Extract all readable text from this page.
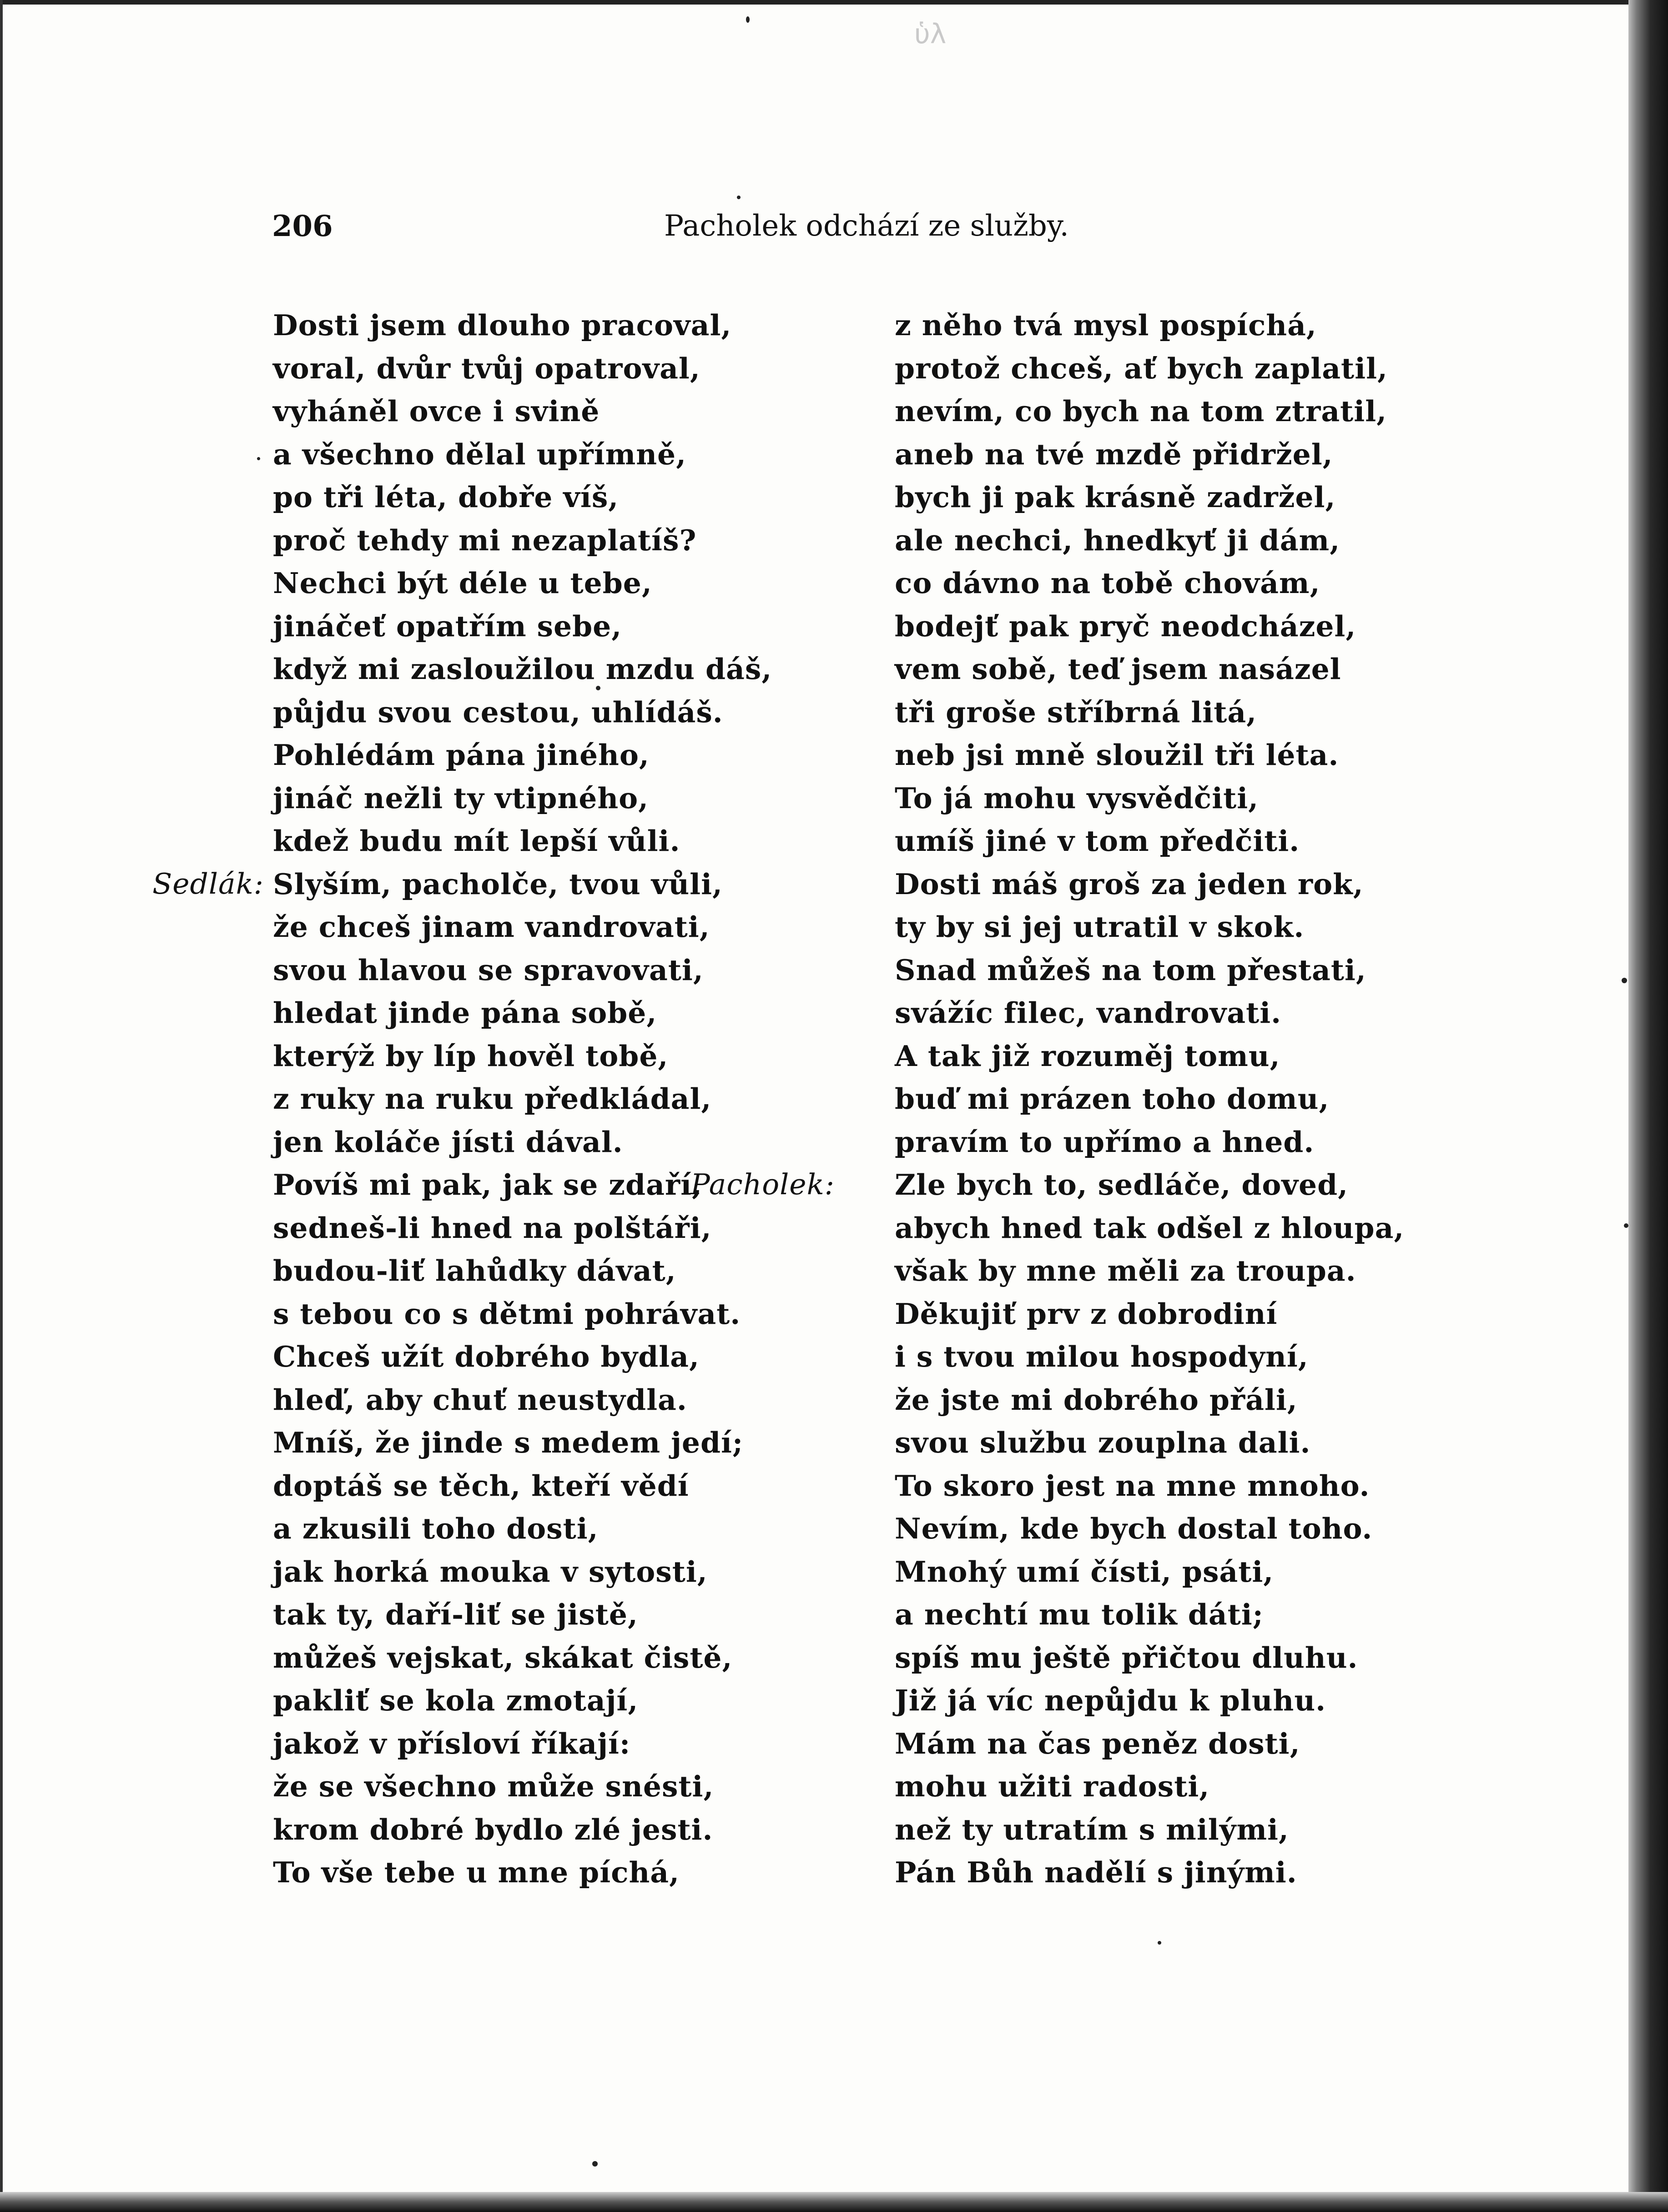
ὑλ
206	Pacholek odchází ze služby.
Dosti jsem dlouho pracoval,
voral, dvůr tvůj opatroval,
vyháněl ovce i svině
a všechno dělal upřímně,
po tři léta, dobře víš,
proč tehdy mi nezaplatíš?
Nechci být déle u tebe,
jináčeť opatřím sebe,
když mi zasloužilou mzdu dáš,
půjdu svou cestou, uhlídáš.
Pohlédám pána jiného,
jináč nežli ty vtipného,
kdež budu mít lepší vůli.
Sedlák: Slyším, pacholče, tvou vůli,
že chceš jinam vandrovati,
svou hlavou se spravovati,
hledat jinde pána sobě,
kterýž by líp hověl tobě,
z ruky na ruku předkládal,
jen koláče jísti dával.
Povíš mi pak, jak se zdaří,
sedneš-li hned na polštáři,
budou-liť lahůdky dávat,
s tebou co s dětmi pohrávat.
Chceš užít dobrého bydla,
hleď, aby chuť neustydla.
Mníš, že jinde s medem jedí;
doptáš se těch, kteří vědí
a zkusili toho dosti,
jak horká mouka v sytosti,
tak ty, daří-liť se jistě,
můžeš vejskat, skákat čistě,
pakliť se kola zmotají,
jakož v přísloví říkají:
že se všechno může snésti,
krom dobré bydlo zlé jesti.
To vše tebe u mne píchá,
z něho tvá mysl pospíchá,
protož chceš, ať bych zaplatil,
nevím, co bych na tom ztratil,
aneb na tvé mzdě přidržel,
bych ji pak krásně zadržel,
ale nechci, hnedkyť ji dám,
co dávno na tobě chovám,
bodejť pak pryč neodcházel,
vem sobě, teď jsem nasázel
tři groše stříbrná litá,
neb jsi mně sloužil tři léta.
To já mohu vysvědčiti,
umíš jiné v tom předčiti.
Dosti máš groš za jeden rok,
ty by si jej utratil v skok.
Snad můžeš na tom přestati,
svážíc filec, vandrovati.
A tak již rozuměj tomu,
buď mi prázen toho domu,
pravím to upřímo a hned.
Pacholek: Zle bych to, sedláče, doved,
abych hned tak odšel z hloupa,
však by mne měli za troupa.
Děkujiť prv z dobrodiní
i s tvou milou hospodyní,
že jste mi dobrého přáli,
svou službu zouplna dali.
To skoro jest na mne mnoho.
Nevím, kde bych dostal toho.
Mnohý umí čísti, psáti,
a nechtí mu tolik dáti;
spíš mu ještě přičtou dluhu.
Již já víc nepůjdu k pluhu.
Mám na čas peněz dosti,
mohu užiti radosti,
než ty utratím s milými,
Pán Bůh nadělí s jinými.
